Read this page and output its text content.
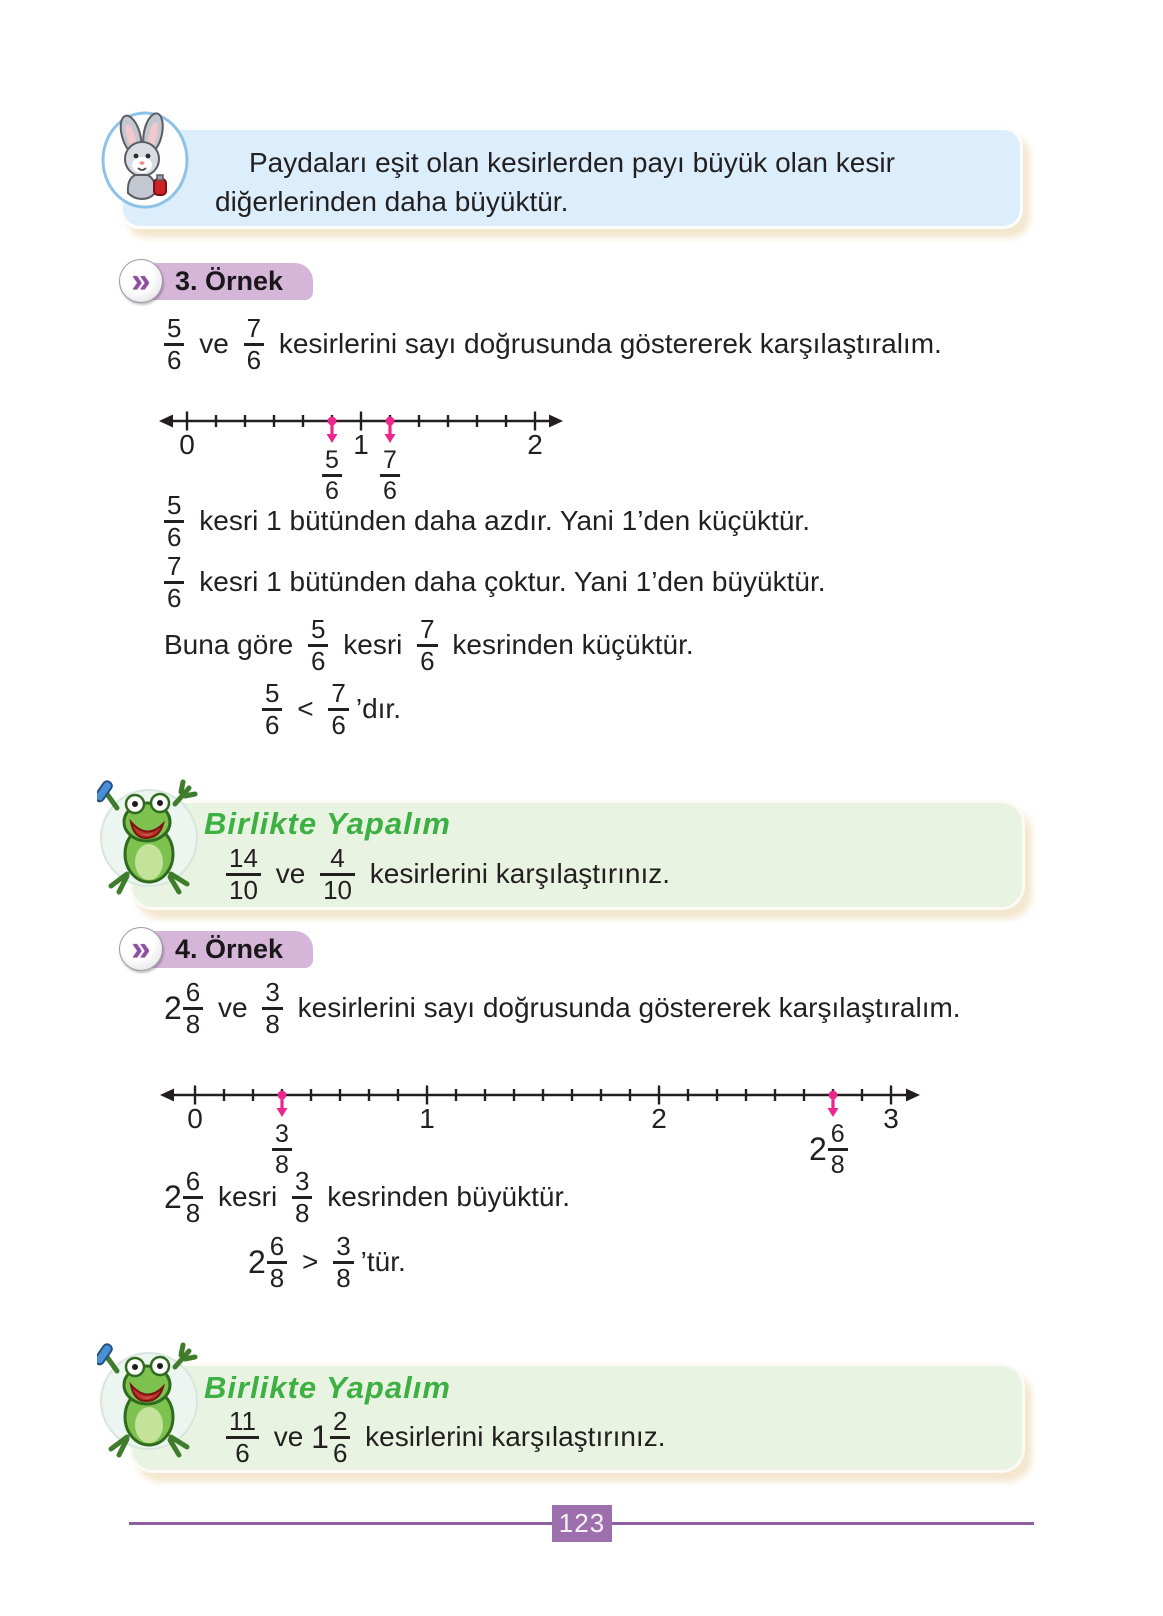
Paydaları eşit olan kesirlerden payı büyük olan kesir diğerlerinden daha büyüktür.

» 3. Örnek
$\frac{5}{6}$ ve $\frac{7}{6}$ kesirlerini sayı doğrusunda göstererek karşılaştıralım.
0	1	2
$\frac{5}{6} \frac{7}{6}$
$\frac{5}{6}$ kesri 1 bütünden daha azdır. Yani 1’den küçüktür.
$\frac{7}{6}$ kesri 1 bütünden daha çoktur. Yani 1’den büyüktür.
Buna göre $\frac{5}{6}$ kesri $\frac{7}{6}$ kesrinden küçüktür.
$\frac{5}{6} < \frac{7}{6}$ ’dır.
Birlikte Yapalım
$\frac{14}{10}$ ve $\frac{4}{10}$ kesirlerini karşılaştırınız.
» 4. Örnek
$2 \frac{6}{8}$ ve $\frac{3}{8}$ kesirlerini sayı doğrusunda göstererek karşılaştıralım.
0	1	2	3
$\frac{3}{8}$	$2 \frac{6}{8}$
$2 \frac{6}{8}$ kesri $\frac{3}{8}$ kesrinden büyüktür.
$2 \frac{6}{8} > \frac{3}{8}$ ’tür.
Birlikte Yapalım
$\frac{11}{6}$ ve $1 \frac{2}{6}$ kesirlerini karşılaştırınız.
123
